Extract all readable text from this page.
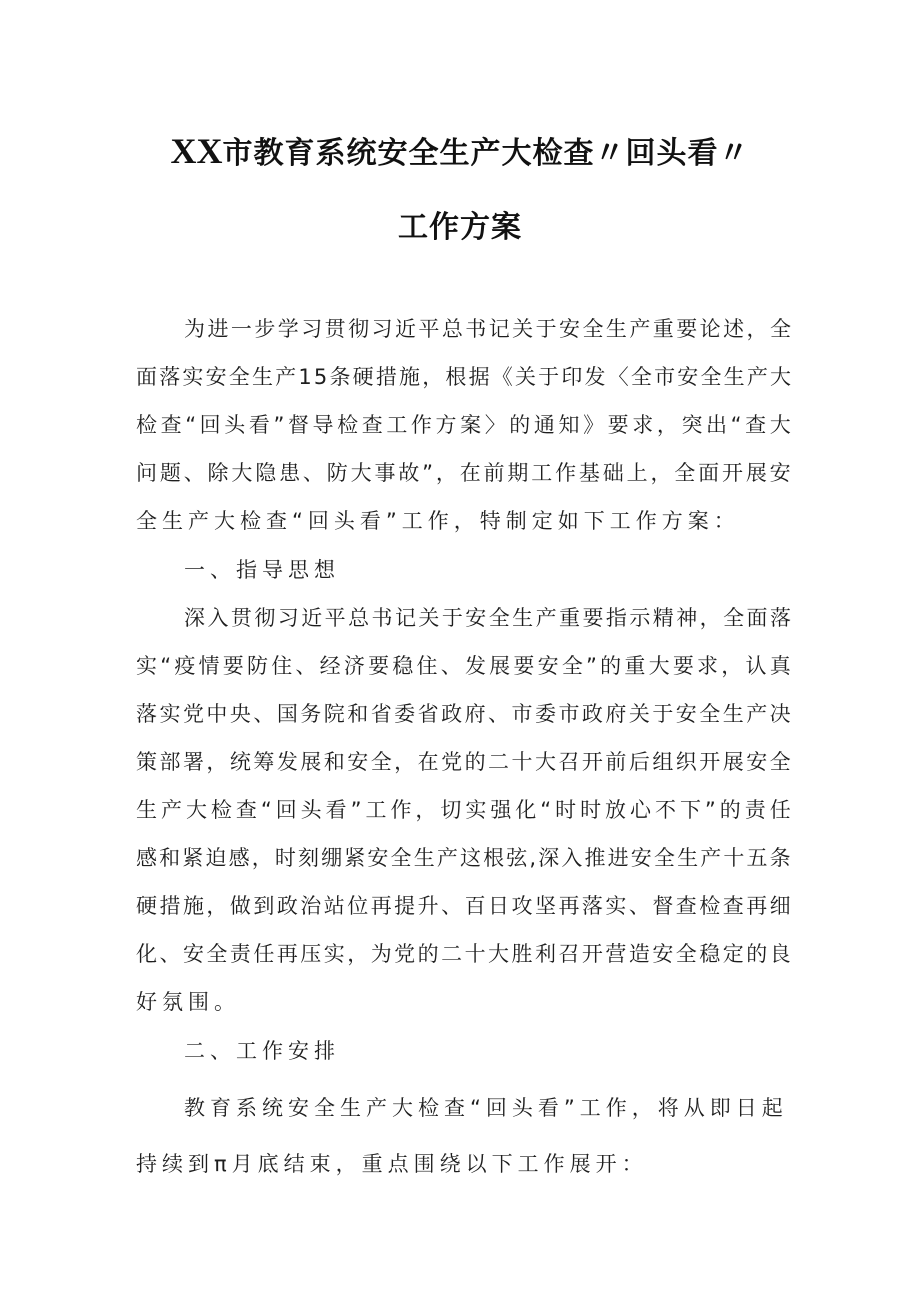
XX市教育系统安全生产大检查〃回头看〃
工作方案
为 进 一 步 学 习 贯 彻 习 近 平 总 书 记 关 于 安 全 生 产 重 要 论 述 ， 全
面 落 实 安 全 生 产 1 5 条 硬 措 施 ， 根 据 《 关 于 印 发 〈 全 市 安 全 生 产 大
检 查 “ 回 头 看 ” 督 导 检 查 工 作 方 案 〉 的 通 知 》 要 求 ， 突 出 “ 查 大
问 题 、 除 大 隐 患 、 防 大 事 故 ” ， 在 前 期 工 作 基 础 上 ， 全 面 开 展 安
全生产大检查“回头看”工作，特制定如下工作方案：
一、指导思想
深 入 贯 彻 习 近 平 总 书 记 关 于 安 全 生 产 重 要 指 示 精 神 ， 全 面 落
实 “ 疫 情 要 防 住 、 经 济 要 稳 住 、 发 展 要 安 全 ” 的 重 大 要 求 ， 认 真
落 实 党 中 央 、 国 务 院 和 省 委 省 政 府 、 市 委 市 政 府 关 于 安 全 生 产 决
策 部 署 ， 统 筹 发 展 和 安 全 ， 在 党 的 二 十 大 召 开 前 后 组 织 开 展 安 全
生 产 大 检 查 “ 回 头 看 ” 工 作 ， 切 实 强 化 “ 时 时 放 心 不 下 ” 的 责 任
感 和 紧 迫 感 ， 时 刻 绷 紧 安 全 生 产 这 根 弦 , 深 入 推 进 安 全 生 产 十 五 条
硬 措 施 ， 做 到 政 治 站 位 再 提 升 、 百 日 攻 坚 再 落 实 、 督 查 检 查 再 细
化 、 安 全 责 任 再 压 实 ， 为 党 的 二 十 大 胜 利 召 开 营 造 安 全 稳 定 的 良
好氛围。
二、工作安排
教育系统安全生产大检查“回头看”工作，将从即日起
持续到π月底结束，重点围绕以下工作展开：
